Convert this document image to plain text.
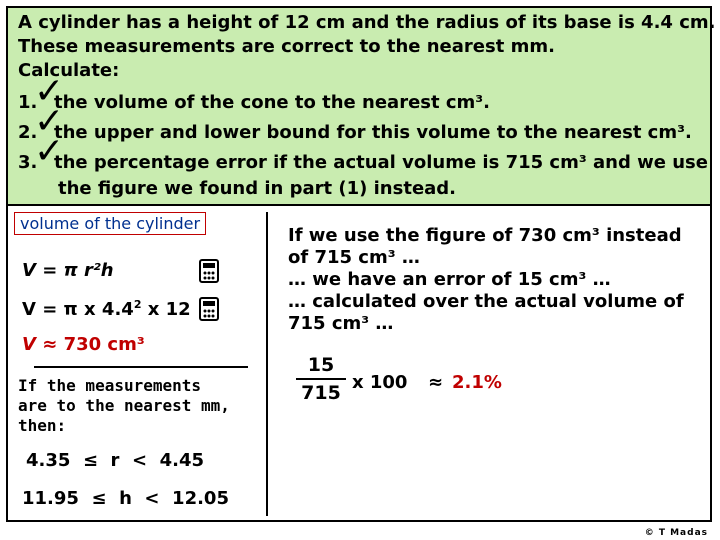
A cylinder has a height of 12 cm and the radius of its base is 4.4 cm.
These measurements are correct to the nearest mm.
Calculate:
1. the volume of the cone to the nearest cm³.
2. the upper and lower bound for this volume to the nearest cm³.
3. the percentage error if the actual volume is 715 cm³ and we use
the figure we found in part (1) instead.
✓
✓
✓
volume of the cylinder
V = π r²h
V = π x $4.4^2$ x 12
V ≈ 730 cm³
If the measurements
are to the nearest mm,
then:
4.35  ≤  r  <  4.45
11.95  ≤  h  <  12.05
If we use the figure of 730 cm³ instead
of 715 cm³ …
… we have an error of 15 cm³ …
… calculated over the actual volume of
715 cm³ …
15
715 x 100 ≈ 2.1%
© T Madas
